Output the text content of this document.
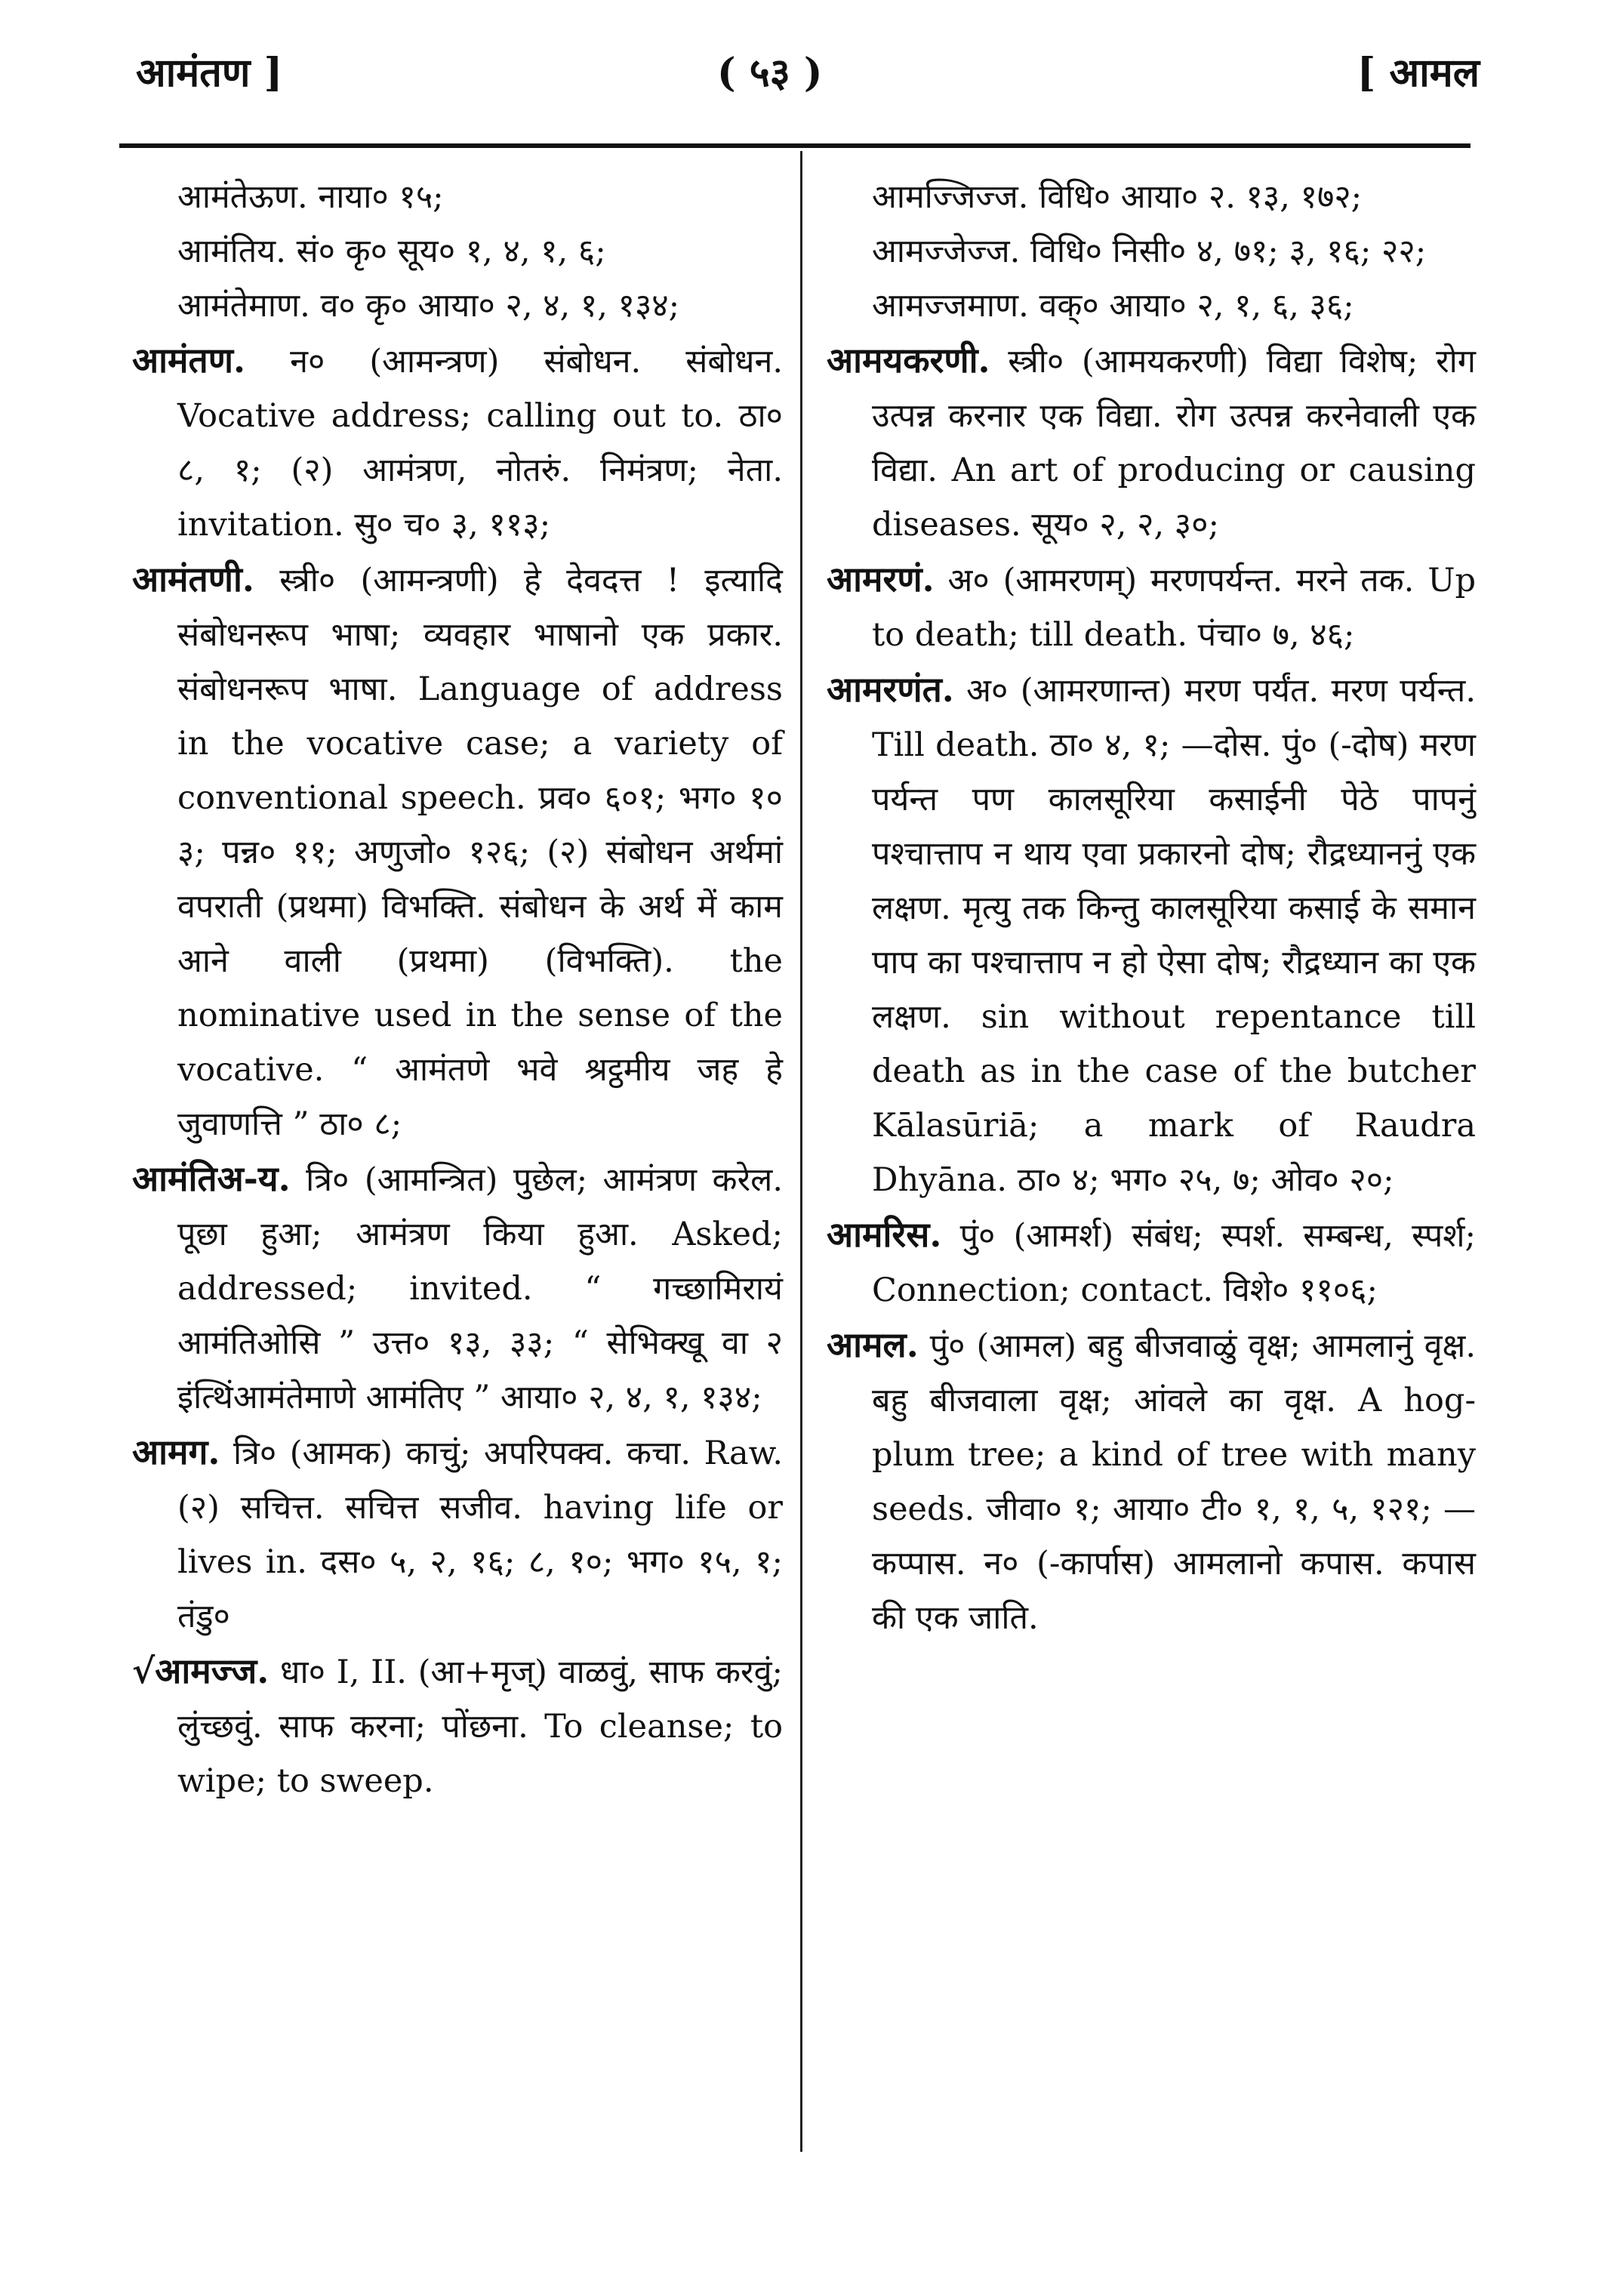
आमंतण ]	( ५३ )	[ आमल

आमंतेऊण. नाया० १५;

आमंतिय. सं० कृ० सूय० १, ४, १, ६;

आमंतेमाण. व० कृ० आया० २, ४, १, १३४;

आमंतण. न० (आमन्त्रण) संबोधन. संबोधन. Vocative address; calling out to. ठा० ८, १; (२) आमंत्रण, नोतरुं. निमंत्रण; नेता. invitation. सु० च० ३, ११३;

आमंतणी. स्त्री० (आमन्त्रणी) हे देवदत्त ! इत्यादि संबोधनरूप भाषा; व्यवहार भाषानो एक प्रकार. संबोधनरूप भाषा. Language of address in the vocative case; a variety of conventional speech. प्रव० ६०१; भग० १० ३; पन्न० ११; अणुजो० १२६; (२) संबोधन अर्थमां वपराती (प्रथमा) विभक्ति. संबोधन के अर्थ में काम आने वाली (प्रथमा) (विभक्ति). the nominative used in the sense of the vocative. “ आमंतणे भवे श्रट्ठमीय जह हे जुवाणत्ति ” ठा० ८;

आमंतिअ-य. त्रि० (आमन्त्रित) पुछेल; आमंत्रण करेल. पूछा हुआ; आमंत्रण किया हुआ. Asked; addressed; invited. “ गच्छामिरायं आमंतिओसि ” उत्त० १३, ३३; “ सेभिक्खू वा २ इंत्थिंआमंतेमाणे आमंतिए ” आया० २, ४, १, १३४;

आमग. त्रि० (आमक) काचुं; अपरिपक्व. कचा. Raw. (२) सचित्त. सचित्त सजीव. having life or lives in. दस० ५, २, १६; ८, १०; भग० १५, १; तंडु०

√आमज्ज. धा० I, II. (आ+मृज्) वाळवुं, साफ करवुं; लुंच्छवुं. साफ करना; पोंछना. To cleanse; to wipe; to sweep.

आमज्जिज्ज. विधि० आया० २. १३, १७२;

आमज्जेज्ज. विधि० निसी० ४, ७१; ३, १६; २२;

आमज्जमाण. वक्० आया० २, १, ६, ३६;

आमयकरणी. स्त्री० (आमयकरणी) विद्या विशेष; रोग उत्पन्न करनार एक विद्या. रोग उत्पन्न करनेवाली एक विद्या. An art of producing or causing diseases. सूय० २, २, ३०;

आमरणं. अ० (आमरणम्) मरणपर्यन्त. मरने तक. Up to death; till death. पंचा० ७, ४६;

आमरणंत. अ० (आमरणान्त) मरण पर्यंत. मरण पर्यन्त. Till death. ठा० ४, १; —दोस. पुं० (-दोष) मरण पर्यन्त पण कालसूरिया कसाईनी पेठे पापनुं पश्चात्ताप न थाय एवा प्रकारनो दोष; रौद्रध्याननुं एक लक्षण. मृत्यु तक किन्तु कालसूरिया कसाई के समान पाप का पश्चात्ताप न हो ऐसा दोष; रौद्रध्यान का एक लक्षण. sin without repentance till death as in the case of the butcher Kālasūriā; a mark of Raudra Dhyāna. ठा० ४; भग० २५, ७; ओव० २०;

आमरिस. पुं० (आमर्श) संबंध; स्पर्श. सम्बन्ध, स्पर्श; Connection; contact. विशे० ११०६;

आमल. पुं० (आमल) बहु बीजवाळुं वृक्ष; आमलानुं वृक्ष. बहु बीजवाला वृक्ष; आंवले का वृक्ष. A hog-plum tree; a kind of tree with many seeds. जीवा० १; आया० टी० १, १, ५, १२१; —कप्पास. न० (-कार्पास) आमलानो कपास. कपास की एक जाति.
